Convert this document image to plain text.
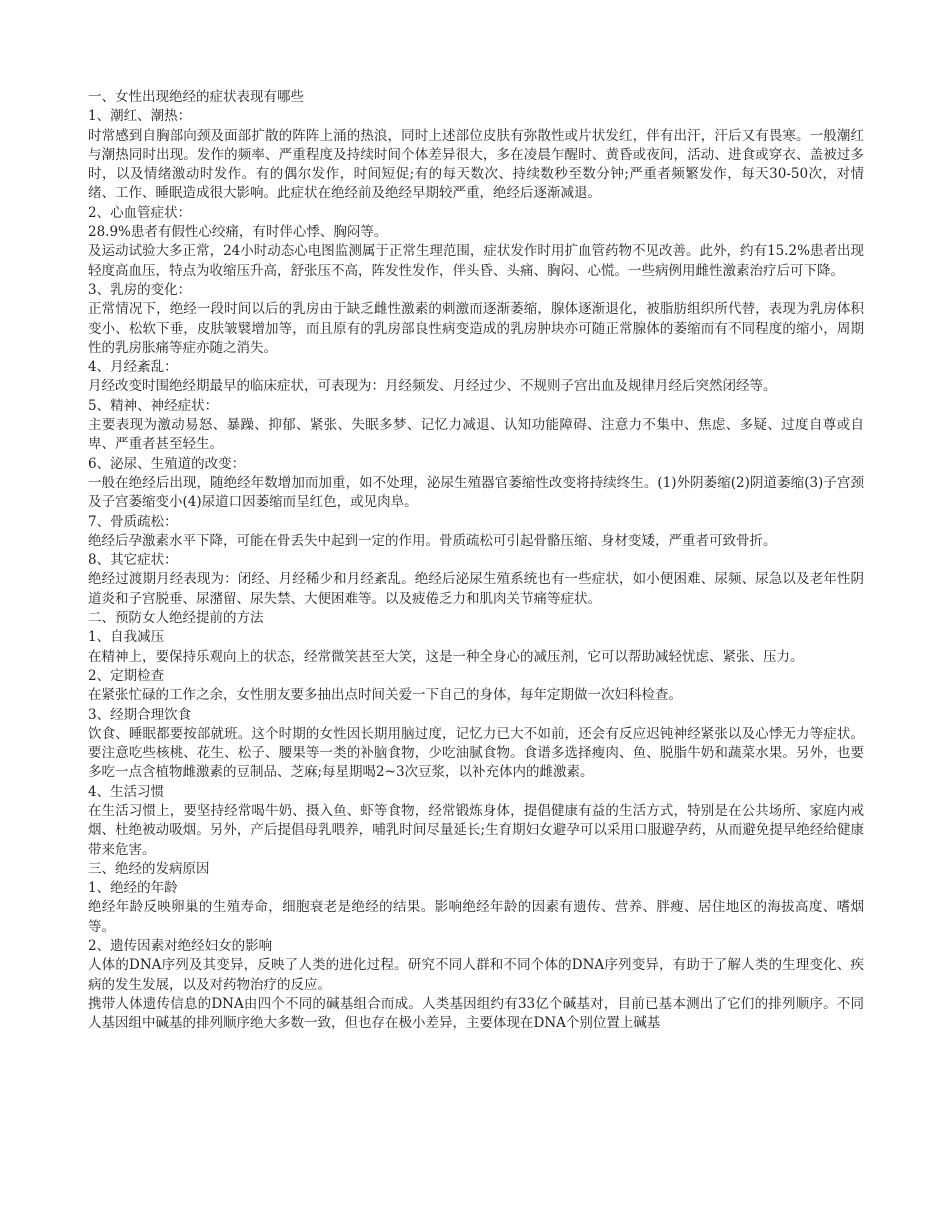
一、女性出现绝经的症状表现有哪些

1、潮红、潮热：

时常感到自胸部向颈及面部扩散的阵阵上涌的热浪，同时上述部位皮肤有弥散性或片状发红，伴有出汗，汗后又有畏寒。一般潮红与潮热同时出现。发作的频率、严重程度及持续时间个体差异很大，多在凌晨乍醒时、黄昏或夜间，活动、进食或穿衣、盖被过多时，以及情绪激动时发作。有的偶尔发作，时间短促;有的每天数次、持续数秒至数分钟;严重者频繁发作，每天30-50次，对情绪、工作、睡眠造成很大影响。此症状在绝经前及绝经早期较严重，绝经后逐渐减退。

2、心血管症状：

28.9%患者有假性心绞痛，有时伴心悸、胸闷等。

及运动试验大多正常，24小时动态心电图监测属于正常生理范围，症状发作时用扩血管药物不见改善。此外，约有15.2%患者出现轻度高血压，特点为收缩压升高，舒张压不高，阵发性发作，伴头昏、头痛、胸闷、心慌。一些病例用雌性激素治疗后可下降。

3、乳房的变化：

正常情况下，绝经一段时间以后的乳房由于缺乏雌性激素的刺激而逐渐萎缩，腺体逐渐退化，被脂肪组织所代替，表现为乳房体积变小、松软下垂，皮肤皱襞增加等，而且原有的乳房部良性病变造成的乳房肿块亦可随正常腺体的萎缩而有不同程度的缩小，周期性的乳房胀痛等症亦随之消失。

4、月经紊乱：

月经改变时围绝经期最早的临床症状，可表现为：月经频发、月经过少、不规则子宫出血及规律月经后突然闭经等。

5、精神、神经症状：

主要表现为激动易怒、暴躁、抑郁、紧张、失眠多梦、记忆力减退、认知功能障碍、注意力不集中、焦虑、多疑、过度自尊或自卑、严重者甚至轻生。

6、泌尿、生殖道的改变：

一般在绝经后出现，随绝经年数增加而加重，如不处理，泌尿生殖器官萎缩性改变将持续终生。(1)外阴萎缩(2)阴道萎缩(3)子宫颈及子宫萎缩变小(4)尿道口因萎缩而呈红色，或见肉阜。

7、骨质疏松：

绝经后孕激素水平下降，可能在骨丢失中起到一定的作用。骨质疏松可引起骨骼压缩、身材变矮，严重者可致骨折。

8、其它症状：

绝经过渡期月经表现为：闭经、月经稀少和月经紊乱。绝经后泌尿生殖系统也有一些症状，如小便困难、尿频、尿急以及老年性阴道炎和子宫脱垂、尿潴留、尿失禁、大便困难等。以及疲倦乏力和肌肉关节痛等症状。

二、预防女人绝经提前的方法

1、自我减压

在精神上，要保持乐观向上的状态，经常微笑甚至大笑，这是一种全身心的减压剂，它可以帮助减轻忧虑、紧张、压力。

2、定期检查

在紧张忙碌的工作之余，女性朋友要多抽出点时间关爱一下自己的身体，每年定期做一次妇科检查。

3、经期合理饮食

饮食、睡眠都要按部就班。这个时期的女性因长期用脑过度，记忆力已大不如前，还会有反应迟钝神经紧张以及心悸无力等症状。要注意吃些核桃、花生、松子、腰果等一类的补脑食物，少吃油腻食物。食谱多选择瘦肉、鱼、脱脂牛奶和蔬菜水果。另外，也要多吃一点含植物雌激素的豆制品、芝麻;每星期喝2~3次豆浆，以补充体内的雌激素。

4、生活习惯

在生活习惯上，要坚持经常喝牛奶、摄入鱼、虾等食物，经常锻炼身体，提倡健康有益的生活方式，特别是在公共场所、家庭内戒烟、杜绝被动吸烟。另外，产后提倡母乳喂养，哺乳时间尽量延长;生育期妇女避孕可以采用口服避孕药，从而避免提早绝经给健康带来危害。

三、绝经的发病原因

1、绝经的年龄

绝经年龄反映卵巢的生殖寿命，细胞衰老是绝经的结果。影响绝经年龄的因素有遗传、营养、胖瘦、居住地区的海拔高度、嗜烟等。

2、遗传因素对绝经妇女的影响

人体的DNA序列及其变异，反映了人类的进化过程。研究不同人群和不同个体的DNA序列变异，有助于了解人类的生理变化、疾病的发生发展，以及对药物治疗的反应。

携带人体遗传信息的DNA由四个不同的碱基组合而成。人类基因组约有33亿个碱基对，目前已基本测出了它们的排列顺序。不同人基因组中碱基的排列顺序绝大多数一致，但也存在极小差异，主要体现在DNA个别位置上碱基
